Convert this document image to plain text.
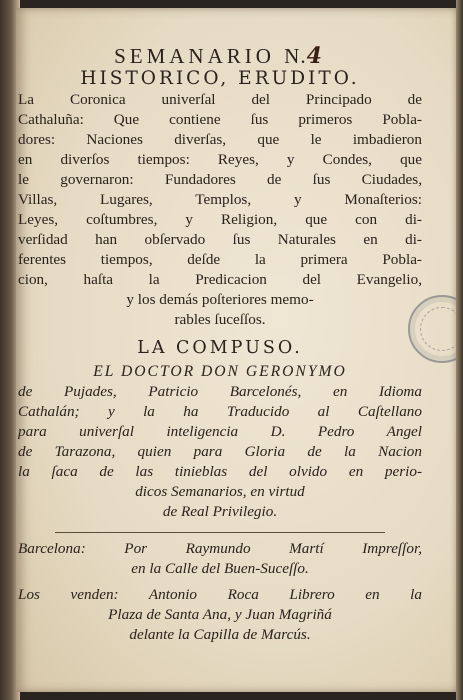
SEMANARIO N.4
HISTORICO, ERUDITO.
La Coronica univerſal del Principado de
Cathaluña: Que contiene ſus primeros Pobla-
dores: Naciones diverſas, que le imbadieron
en diverſos tiempos: Reyes, y Condes, que
le governaron: Fundadores de ſus Ciudades,
Villas, Lugares, Templos, y Monaſterios:
Leyes, coſtumbres, y Religion, que con di-
verſidad han obſervado ſus Naturales en di-
ferentes tiempos, deſde la primera Pobla-
cion, haſta la Predicacion del Evangelio,
y los demás poſteriores memo-
rables ſuceſſos.
LA COMPUSO.
EL DOCTOR DON GERONYMO
de Pujades, Patricio Barcelonés, en Idioma
Cathalán; y la ha Traducido al Caſtellano
para univerſal inteligencia D. Pedro Angel
de Tarazona, quien para Gloria de la Nacion
la ſaca de las tinieblas del olvido en perio-
dicos Semanarios, en virtud
de Real Privilegio.
Barcelona: Por Raymundo Martí Impreſſor,
en la Calle del Buen-Suceſſo.
Los venden: Antonio Roca Librero en la
Plaza de Santa Ana, y Juan Magriñá
delante la Capilla de Marcús.
